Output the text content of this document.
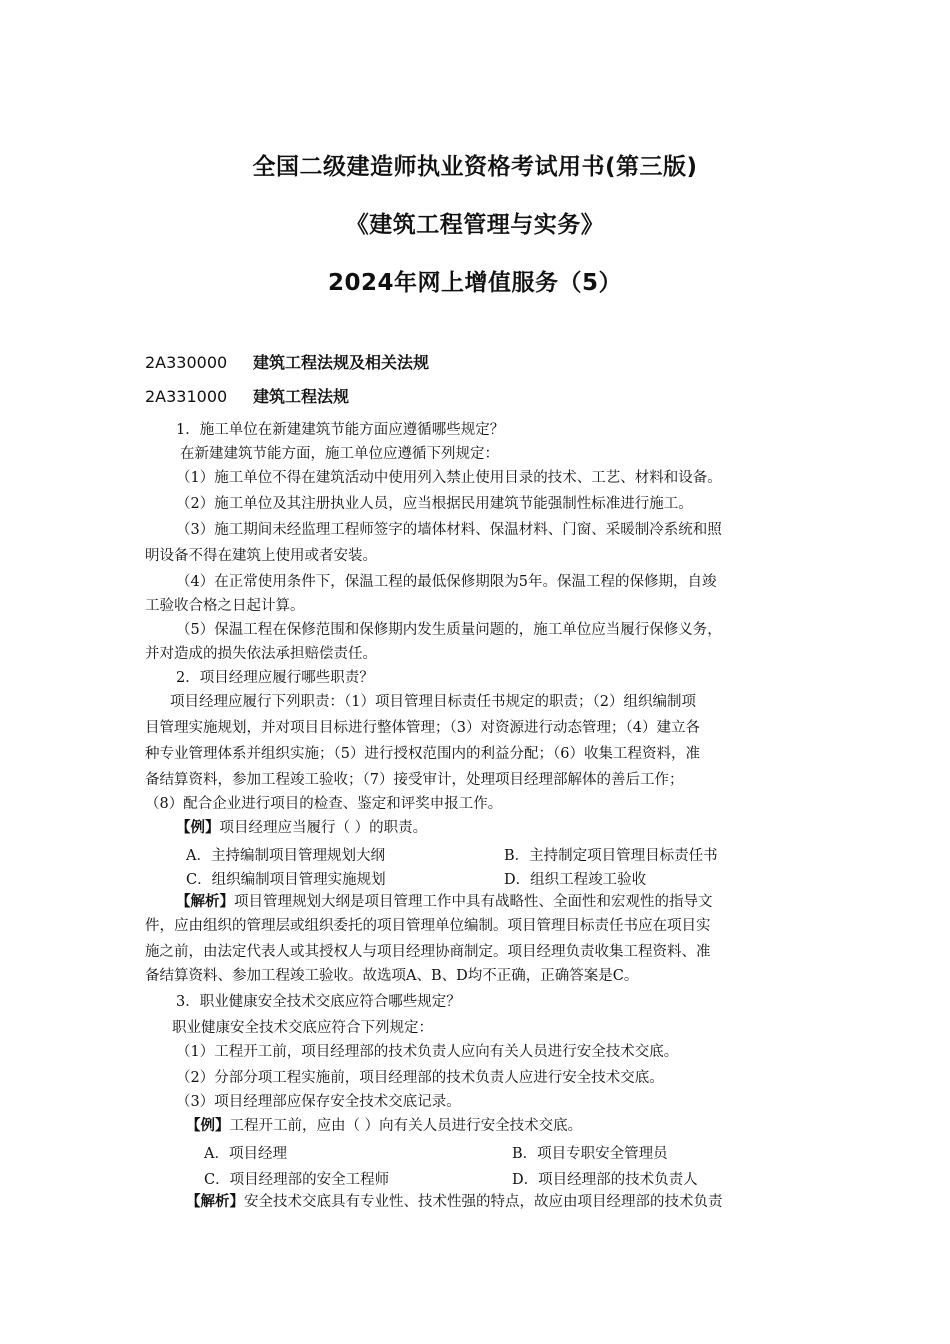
全国二级建造师执业资格考试用书(第三版)
《建筑工程管理与实务》
2024年网上增值服务（5）
2A330000 建筑工程法规及相关法规
2A331000 建筑工程法规
1．施工单位在新建建筑节能方面应遵循哪些规定？
在新建建筑节能方面，施工单位应遵循下列规定：
（1）施工单位不得在建筑活动中使用列入禁止使用目录的技术、工艺、材料和设备。
（2）施工单位及其注册执业人员，应当根据民用建筑节能强制性标准进行施工。
（3）施工期间未经监理工程师签字的墙体材料、保温材料、门窗、采暖制冷系统和照
明设备不得在建筑上使用或者安装。
（4）在正常使用条件下，保温工程的最低保修期限为5年。保温工程的保修期，自竣
工验收合格之日起计算。
（5）保温工程在保修范围和保修期内发生质量问题的，施工单位应当履行保修义务，
并对造成的损失依法承担赔偿责任。
2．项目经理应履行哪些职责？
项目经理应履行下列职责：（1）项目管理目标责任书规定的职责；（2）组织编制项
目管理实施规划，并对项目目标进行整体管理；（3）对资源进行动态管理；（4）建立各
种专业管理体系并组织实施；（5）进行授权范围内的利益分配；（6）收集工程资料，准
备结算资料，参加工程竣工验收；（7）接受审计，处理项目经理部解体的善后工作；
（8）配合企业进行项目的检查、鉴定和评奖申报工作。
【例】项目经理应当履行（ ）的职责。
A．主持编制项目管理规划大纲	B．主持制定项目管理目标责任书
C．组织编制项目管理实施规划	D．组织工程竣工验收
【解析】项目管理规划大纲是项目管理工作中具有战略性、全面性和宏观性的指导文
件，应由组织的管理层或组织委托的项目管理单位编制。项目管理目标责任书应在项目实
施之前，由法定代表人或其授权人与项目经理协商制定。项目经理负责收集工程资料、准
备结算资料、参加工程竣工验收。故选项A、B、D均不正确，正确答案是C。
3．职业健康安全技术交底应符合哪些规定？
职业健康安全技术交底应符合下列规定：
（1）工程开工前，项目经理部的技术负责人应向有关人员进行安全技术交底。
（2）分部分项工程实施前，项目经理部的技术负责人应进行安全技术交底。
（3）项目经理部应保存安全技术交底记录。
【例】工程开工前，应由（ ）向有关人员进行安全技术交底。
A．项目经理	B．项目专职安全管理员
C．项目经理部的安全工程师	D．项目经理部的技术负责人
【解析】安全技术交底具有专业性、技术性强的特点，故应由项目经理部的技术负责
